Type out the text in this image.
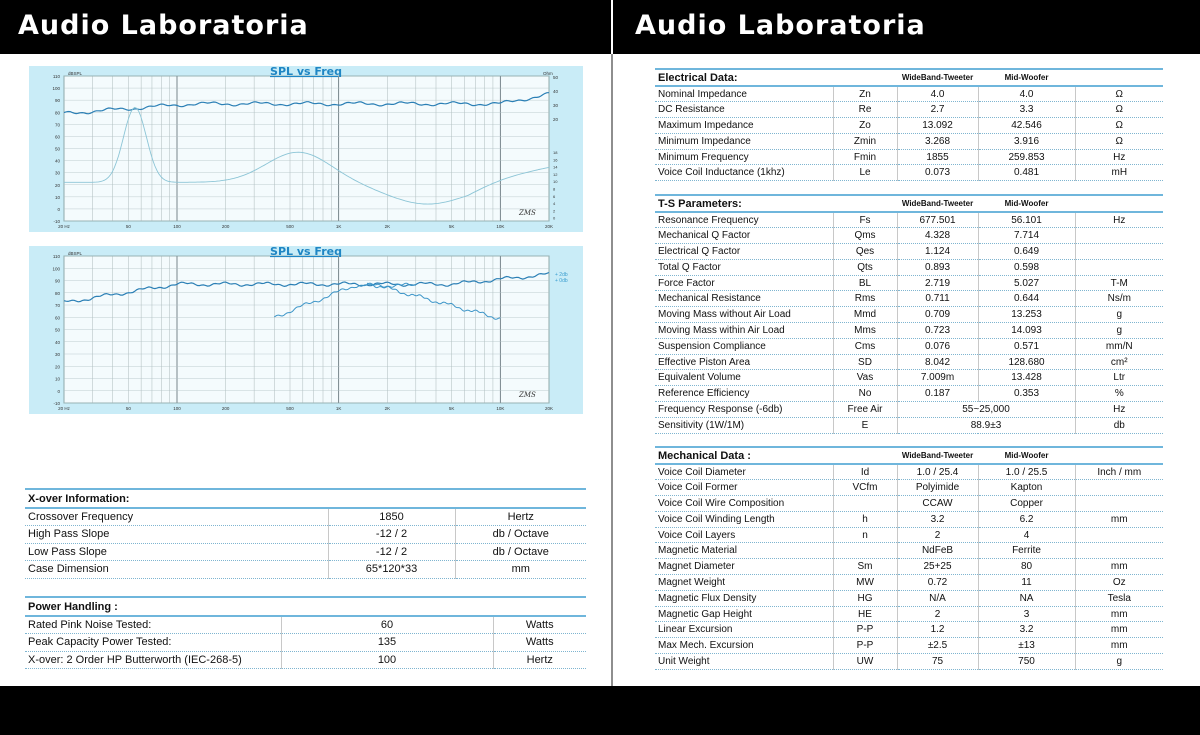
Audio Laboratoria	Audio Laboratoria
110
100
90
80
70
60
50
40
30
20
10
0
-10
dBSPL
20 Hz	50	100	200	500	1K	2K	5K	10K	20K
SPL vs Freq
ZMS
50
40
30
20
18
16
14
12
10
8
6
4
2
0
Ohm
110
100
90
80
70
60
50
40
30
20
10
0
-10
dBSPL
20 Hz	50	100	200	500	1K	2K	5K	10K	20K
SPL vs Freq
ZMS
+ 2db
+ 0db
X-over Information:		
Crossover Frequency	1850	Hertz
High Pass Slope	-12 / 2	db / Octave
Low Pass Slope	-12 / 2	db / Octave
Case Dimension	65*120*33	mm
Power Handling :		
Rated Pink Noise Tested:	60	Watts
Peak Capacity Power Tested:	135	Watts
X-over: 2 Order HP Butterworth (IEC-268-5)	100	Hertz
Electrical Data:		WideBand-Tweeter	Mid-Woofer	
Nominal Impedance	Zn	4.0	4.0	Ω
DC Resistance	Re	2.7	3.3	Ω
Maximum Impedance	Zo	13.092	42.546	Ω
Minimum Impedance	Zmin	3.268	3.916	Ω
Minimum Frequency	Fmin	1855	259.853	Hz
Voice Coil Inductance (1khz)	Le	0.073	0.481	mH
T-S Parameters:		WideBand-Tweeter	Mid-Woofer	
Resonance Frequency	Fs	677.501	56.101	Hz
Mechanical Q Factor	Qms	4.328	7.714	
Electrical Q Factor	Qes	1.124	0.649	
Total Q Factor	Qts	0.893	0.598	
Force Factor	BL	2.719	5.027	T-M
Mechanical Resistance	Rms	0.711	0.644	Ns/m
Moving Mass without Air Load	Mmd	0.709	13.253	g
Moving Mass within Air Load	Mms	0.723	14.093	g
Suspension Compliance	Cms	0.076	0.571	mm/N
Effective Piston Area	SD	8.042	128.680	cm²
Equivalent Volume	Vas	7.009m	13.428	Ltr
Reference Efficiency	No	0.187	0.353	%
Frequency Response (-6db)	Free Air	55~25,000		Hz
Sensitivity (1W/1M)	E	88.9±3		db
Mechanical Data :		WideBand-Tweeter	Mid-Woofer	
Voice Coil Diameter	Id	1.0 / 25.4	1.0 / 25.5	Inch / mm
Voice Coil Former	VCfm	Polyimide	Kapton	
Voice Coil Wire Composition		CCAW	Copper	
Voice Coil Winding Length	h	3.2	6.2	mm
Voice Coil Layers	n	2	4	
Magnetic Material		NdFeB	Ferrite	
Magnet Diameter	Sm	25+25	80	mm
Magnet Weight	MW	0.72	11	Oz
Magnetic Flux Density	HG	N/A	NA	Tesla
Magnetic Gap Height	HE	2	3	mm
Linear Excursion	P-P	1.2	3.2	mm
Max Mech. Excursion	P-P	±2.5	±13	mm
Unit Weight	UW	75	750	g
